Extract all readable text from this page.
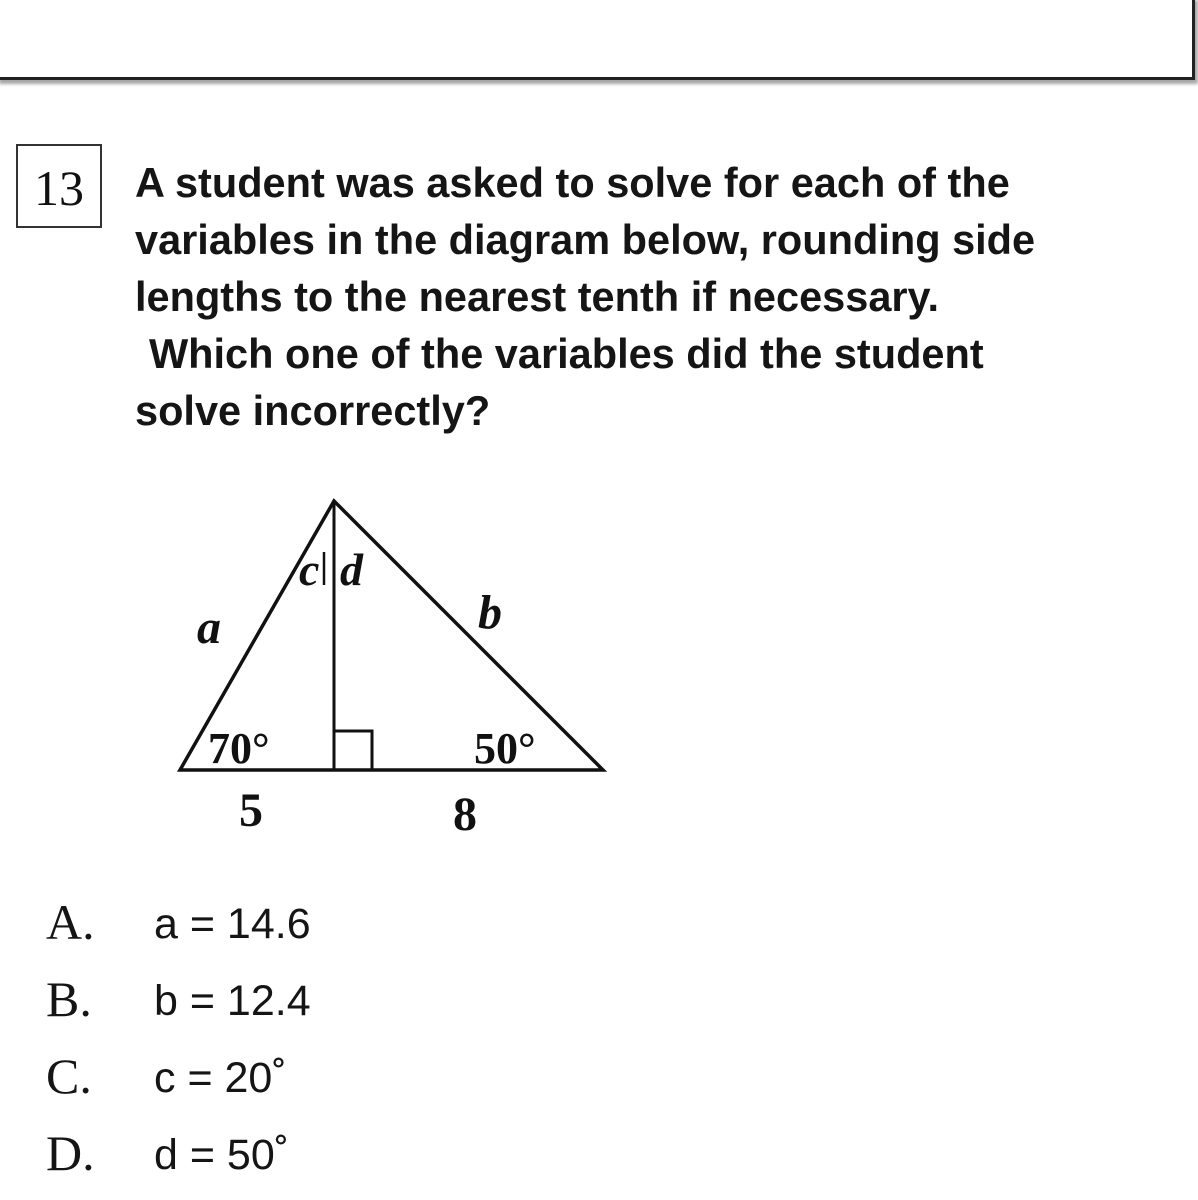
13	A student was asked to solve for each of the
variables in the diagram below, rounding side
lengths to the nearest tenth if necessary.
Which one of the variables did the student
solve incorrectly?
a	b
c d
70°	50°
5	8
A. a = 14.6
B. b = 12.4
C. c = 20˚
D. d = 50˚
